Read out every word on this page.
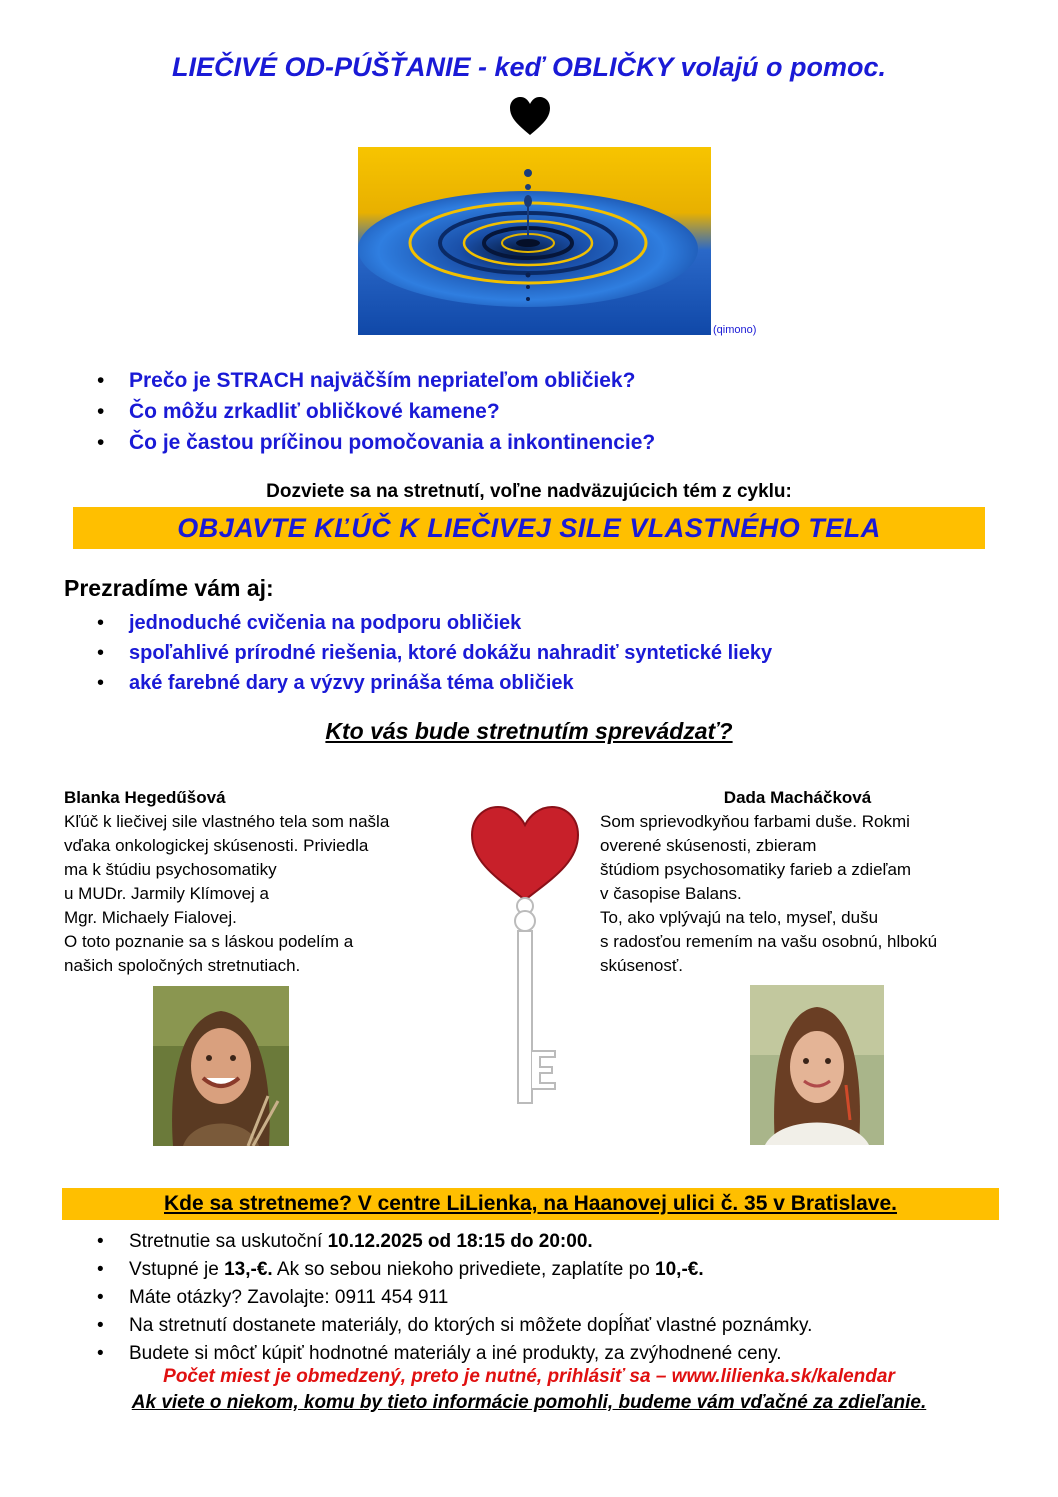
LIEČIVÉ OD-PÚŠŤANIE - keď OBLIČKY volajú o pomoc.
(qimono)
• Prečo je STRACH najväčším nepriateľom obličiek?
• Čo môžu zrkadliť obličkové kamene?
• Čo je častou príčinou pomočovania a inkontinencie?
Dozviete sa na stretnutí, voľne nadväzujúcich tém z cyklu:
OBJAVTE KĽÚČ K LIEČIVEJ SILE VLASTNÉHO TELA
Prezradíme vám aj:
• jednoduché cvičenia na podporu obličiek
• spoľahlivé prírodné riešenia, ktoré dokážu nahradiť syntetické lieky
• aké farebné dary a výzvy prináša téma obličiek
Kto vás bude stretnutím sprevádzať?
Blanka Hegedűšová
Kľúč k liečivej sile vlastného tela som našla
vďaka onkologickej skúsenosti. Priviedla
ma k štúdiu psychosomatiky
u MUDr. Jarmily Klímovej a
Mgr. Michaely Fialovej.
O toto poznanie sa s láskou podelím a
našich spoločných stretnutiach.
Dada Macháčková
Som sprievodkyňou farbami duše. Rokmi
overené skúsenosti, zbieram
štúdiom psychosomatiky farieb a zdieľam
v časopise Balans.
To, ako vplývajú na telo, myseľ, dušu
s radosťou remením na vašu osobnú, hlbokú
skúsenosť.
Kde sa stretneme? V centre LiLienka, na Haanovej ulici č. 35 v Bratislave.
• Stretnutie sa uskutoční 10.12.2025 od 18:15 do 20:00.
• Vstupné je 13,-€. Ak so sebou niekoho privediete, zaplatíte po 10,-€.
• Máte otázky? Zavolajte: 0911 454 911
• Na stretnutí dostanete materiály, do ktorých si môžete dopĺňať vlastné poznámky.
• Budete si môcť kúpiť hodnotné materiály a iné produkty, za zvýhodnené ceny.
Počet miest je obmedzený, preto je nutné, prihlásiť sa – www.lilienka.sk/kalendar
Ak viete o niekom, komu by tieto informácie pomohli, budeme vám vďačné za zdieľanie.
